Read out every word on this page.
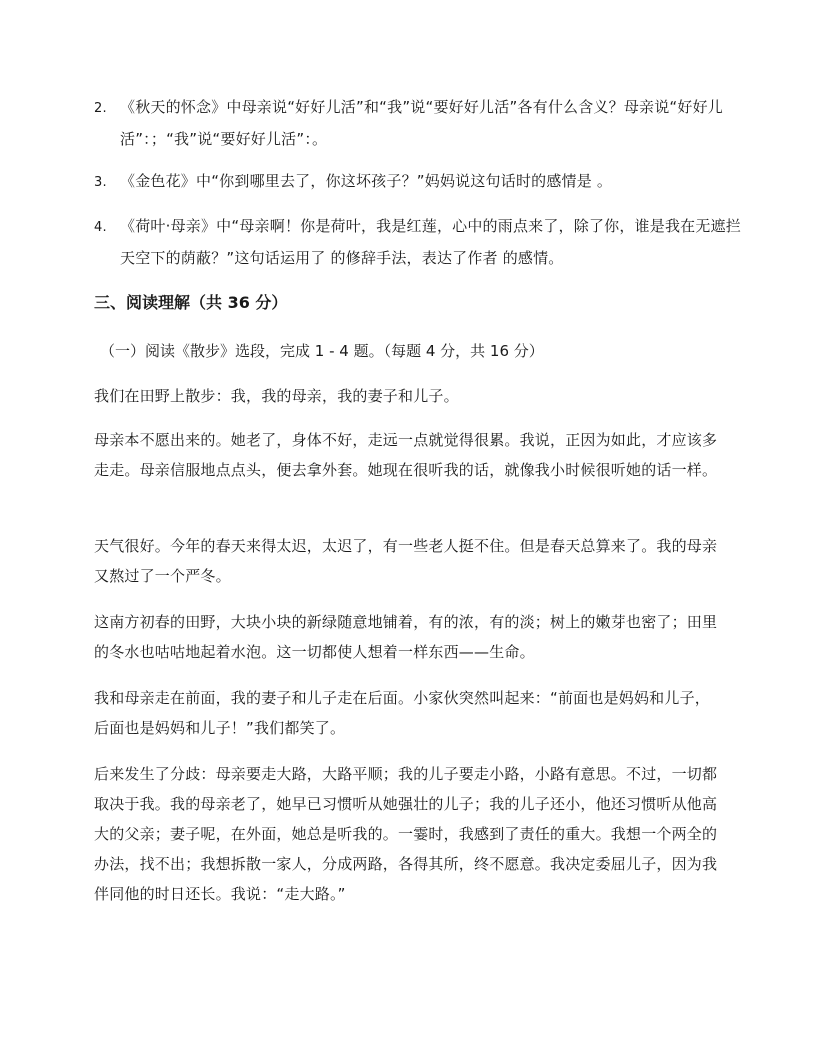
2. 《秋天的怀念》中母亲说“好好儿活”和“我”说“要好好儿活”各有什么含义？母亲说“好好儿活”：；“我”说“要好好儿活”：。

3. 《金色花》中“你到哪里去了，你这坏孩子？”妈妈说这句话时的感情是 。

4. 《荷叶·母亲》中“母亲啊！你是荷叶，我是红莲，心中的雨点来了，除了你，谁是我在无遮拦天空下的荫蔽？”这句话运用了 的修辞手法，表达了作者 的感情。

三、阅读理解（共 36 分）

（一）阅读《散步》选段，完成 1 - 4 题。（每题 4 分，共 16 分）

我们在田野上散步：我，我的母亲，我的妻子和儿子。

母亲本不愿出来的。她老了，身体不好，走远一点就觉得很累。我说，正因为如此，才应该多走走。母亲信服地点点头，便去拿外套。她现在很听我的话，就像我小时候很听她的话一样。

天气很好。今年的春天来得太迟，太迟了，有一些老人挺不住。但是春天总算来了。我的母亲又熬过了一个严冬。

这南方初春的田野，大块小块的新绿随意地铺着，有的浓，有的淡；树上的嫩芽也密了；田里的冬水也咕咕地起着水泡。这一切都使人想着一样东西——生命。

我和母亲走在前面，我的妻子和儿子走在后面。小家伙突然叫起来：“前面也是妈妈和儿子，后面也是妈妈和儿子！”我们都笑了。

后来发生了分歧：母亲要走大路，大路平顺；我的儿子要走小路，小路有意思。不过，一切都取决于我。我的母亲老了，她早已习惯听从她强壮的儿子；我的儿子还小，他还习惯听从他高大的父亲；妻子呢，在外面，她总是听我的。一霎时，我感到了责任的重大。我想一个两全的办法，找不出；我想拆散一家人，分成两路，各得其所，终不愿意。我决定委屈儿子，因为我伴同他的时日还长。我说：“走大路。”
